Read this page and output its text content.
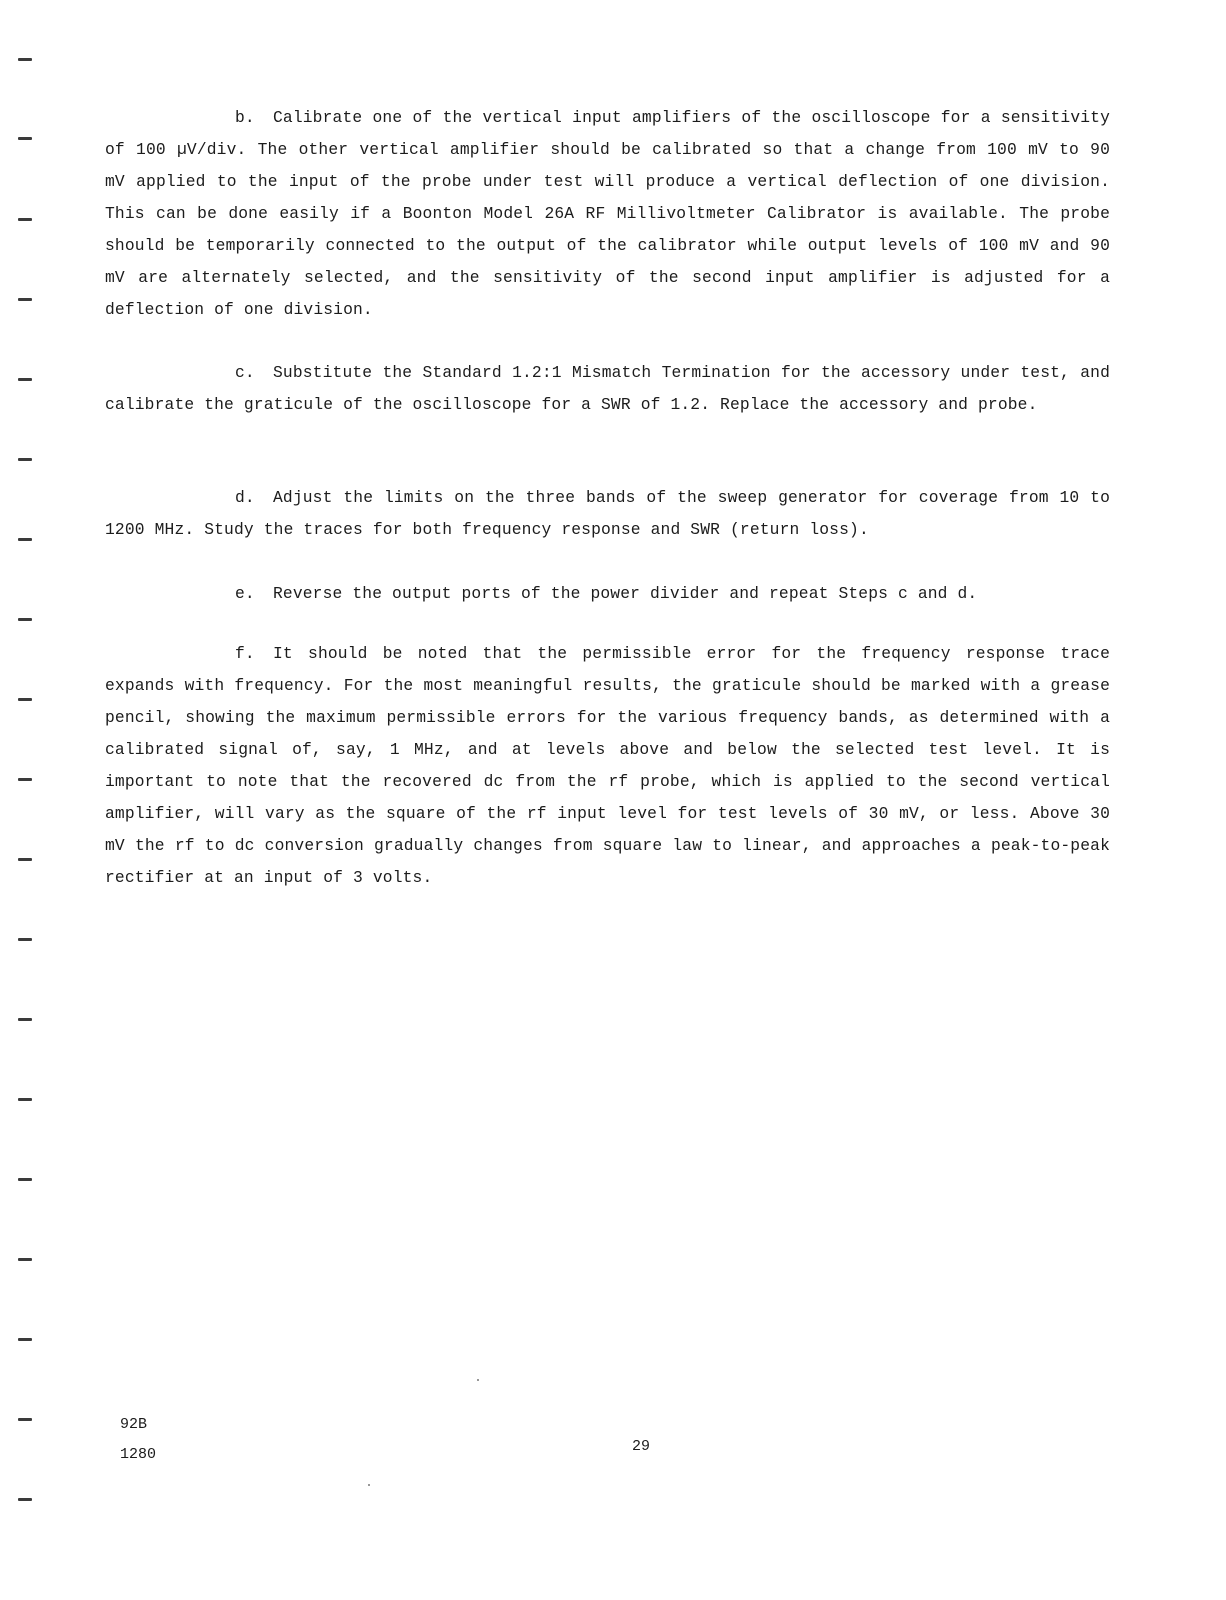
b. Calibrate one of the vertical input amplifiers of the oscilloscope for a sensitivity of 100 µV/div. The other vertical amplifier should be calibrated so that a change from 100 mV to 90 mV applied to the input of the probe under test will produce a vertical deflection of one division. This can be done easily if a Boonton Model 26A RF Millivoltmeter Calibrator is available. The probe should be temporarily connected to the output of the calibrator while output levels of 100 mV and 90 mV are alternately selected, and the sensitivity of the second input amplifier is adjusted for a deflection of one division.

c. Substitute the Standard 1.2:1 Mismatch Termination for the accessory under test, and calibrate the graticule of the oscilloscope for a SWR of 1.2. Replace the accessory and probe.

d. Adjust the limits on the three bands of the sweep generator for coverage from 10 to 1200 MHz. Study the traces for both frequency response and SWR (return loss).

e. Reverse the output ports of the power divider and repeat Steps c and d.

f. It should be noted that the permissible error for the frequency response trace expands with frequency. For the most meaningful results, the graticule should be marked with a grease pencil, showing the maximum permissible errors for the various frequency bands, as determined with a calibrated signal of, say, 1 MHz, and at levels above and below the selected test level. It is important to note that the recovered dc from the rf probe, which is applied to the second vertical amplifier, will vary as the square of the rf input level for test levels of 30 mV, or less. Above 30 mV the rf to dc conversion gradually changes from square law to linear, and approaches a peak-to-peak rectifier at an input of 3 volts.

92B
1280	29
